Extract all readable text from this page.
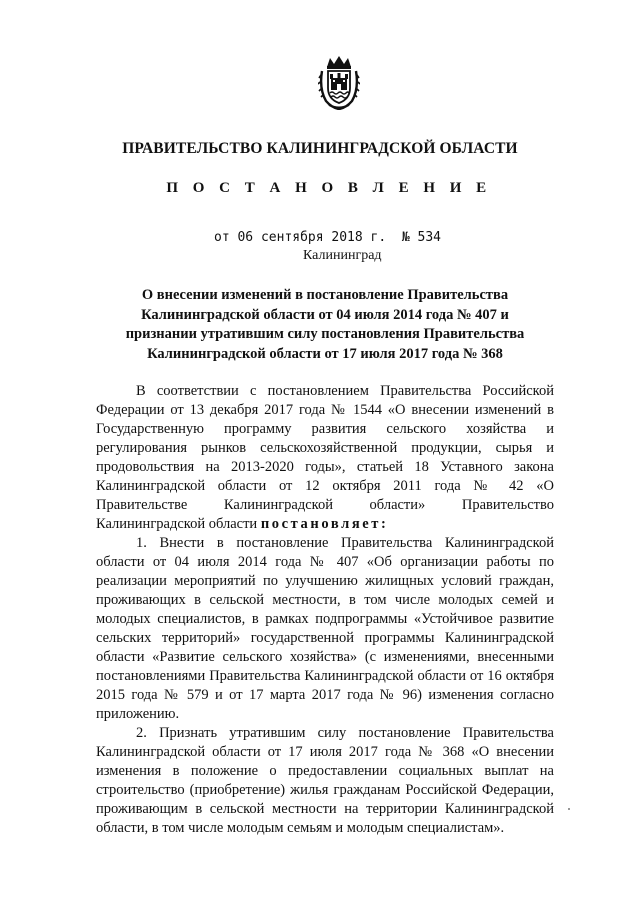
ПРАВИТЕЛЬСТВО КАЛИНИНГРАДСКОЙ ОБЛАСТИ
П О С Т А Н О В Л Е Н И Е
от 06 сентября 2018 г.  № 534
Калининград
О внесении изменений в постановление Правительства Калининградской области от 04 июля 2014 года № 407 и признании утратившим силу постановления Правительства Калининградской области от 17 июля 2017 года № 368

В соответствии с постановлением Правительства Российской Федерации от 13 декабря 2017 года № 1544 «О внесении изменений в Государственную программу развития сельского хозяйства и регулирования рынков сельскохозяйственной продукции, сырья и продовольствия на 2013-2020 годы», статьей 18 Уставного закона Калининградской области от 12 октября 2011 года № 42 «О Правительстве Калининградской области» Правительство Калининградской области постановляет:

1. Внести в постановление Правительства Калининградской области от 04 июля 2014 года № 407 «Об организации работы по реализации мероприятий по улучшению жилищных условий граждан, проживающих в сельской местности, в том числе молодых семей и молодых специалистов, в рамках подпрограммы «Устойчивое развитие сельских территорий» государственной программы Калининградской области «Развитие сельского хозяйства» (с изменениями, внесенными постановлениями Правительства Калининградской области от 16 октября 2015 года № 579 и от 17 марта 2017 года № 96) изменения согласно приложению.

2. Признать утратившим силу постановление Правительства Калининградской области от 17 июля 2017 года № 368 «О внесении изменения в положение о предоставлении социальных выплат на строительство (приобретение) жилья гражданам Российской Федерации, проживающим в сельской местности на территории Калининградской области, в том числе молодым семьям и молодым специалистам».
